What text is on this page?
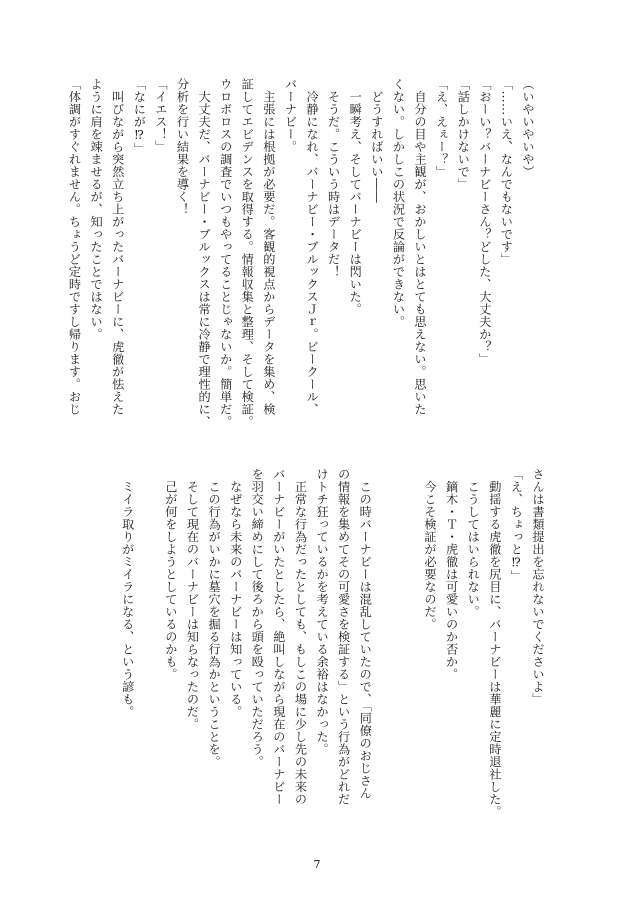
（いやいやいや）
「……いえ、なんでもないです」
「おーい？バーナビーさん？どした、大丈夫か？」
「話しかけないで」
「え、えぇー？」
　自分の目や主観が、おかしいとはとても思えない。思いた
くない。しかしこの状況で反論ができない。
　どうすればいい――
　一瞬考え、そしてバーナビーは閃いた。
　そうだ。こういう時はデータだ！
　冷静になれ、バーナビー・ブルックスＪｒ。ビークール、
バーナビー。
　主張には根拠が必要だ。客観的視点からデータを集め、検
証してエビデンスを取得する。情報収集と整理、そして検証。
ウロボロスの調査でいつもやってることじゃないか。簡単だ。
　大丈夫だ、バーナビー・ブルックスは常に冷静で理性的に、
分析を行い結果を導く！
「イエス！」
「なにが⁉」
　叫びながら突然立ち上がったバーナビーに、虎徹が怯えた
ように肩を竦ませるが、知ったことではない。
「体調がすぐれません。ちょうど定時ですし帰ります。おじ
さんは書類提出を忘れないでくださいよ」
「え、ちょっと⁉」
　動揺する虎徹を尻目に、バーナビーは華麗に定時退社した。
　こうしてはいられない。
　鏑木・Ｔ・虎徹は可愛いのか否か。
　今こそ検証が必要なのだ。

　この時バーナビーは混乱していたので、「同僚のおじさん
の情報を集めてその可愛さを検証する」という行為がどれだ
けトチ狂っているかを考えている余裕はなかった。
　正常な行為だったとしても、もしこの場に少し先の未来の
バーナビーがいたとしたら、絶叫しながら現在のバーナビー
を羽交い締めにして後ろから頭を殴っていただろう。
　なぜなら未来のバーナビーは知っている。
　この行為がいかに墓穴を掘る行為かということを。
　そして現在のバーナビーは知らなったのだ。
　己が何をしようとしているのかも。

　ミイラ取りがミイラになる、という諺も。
7
